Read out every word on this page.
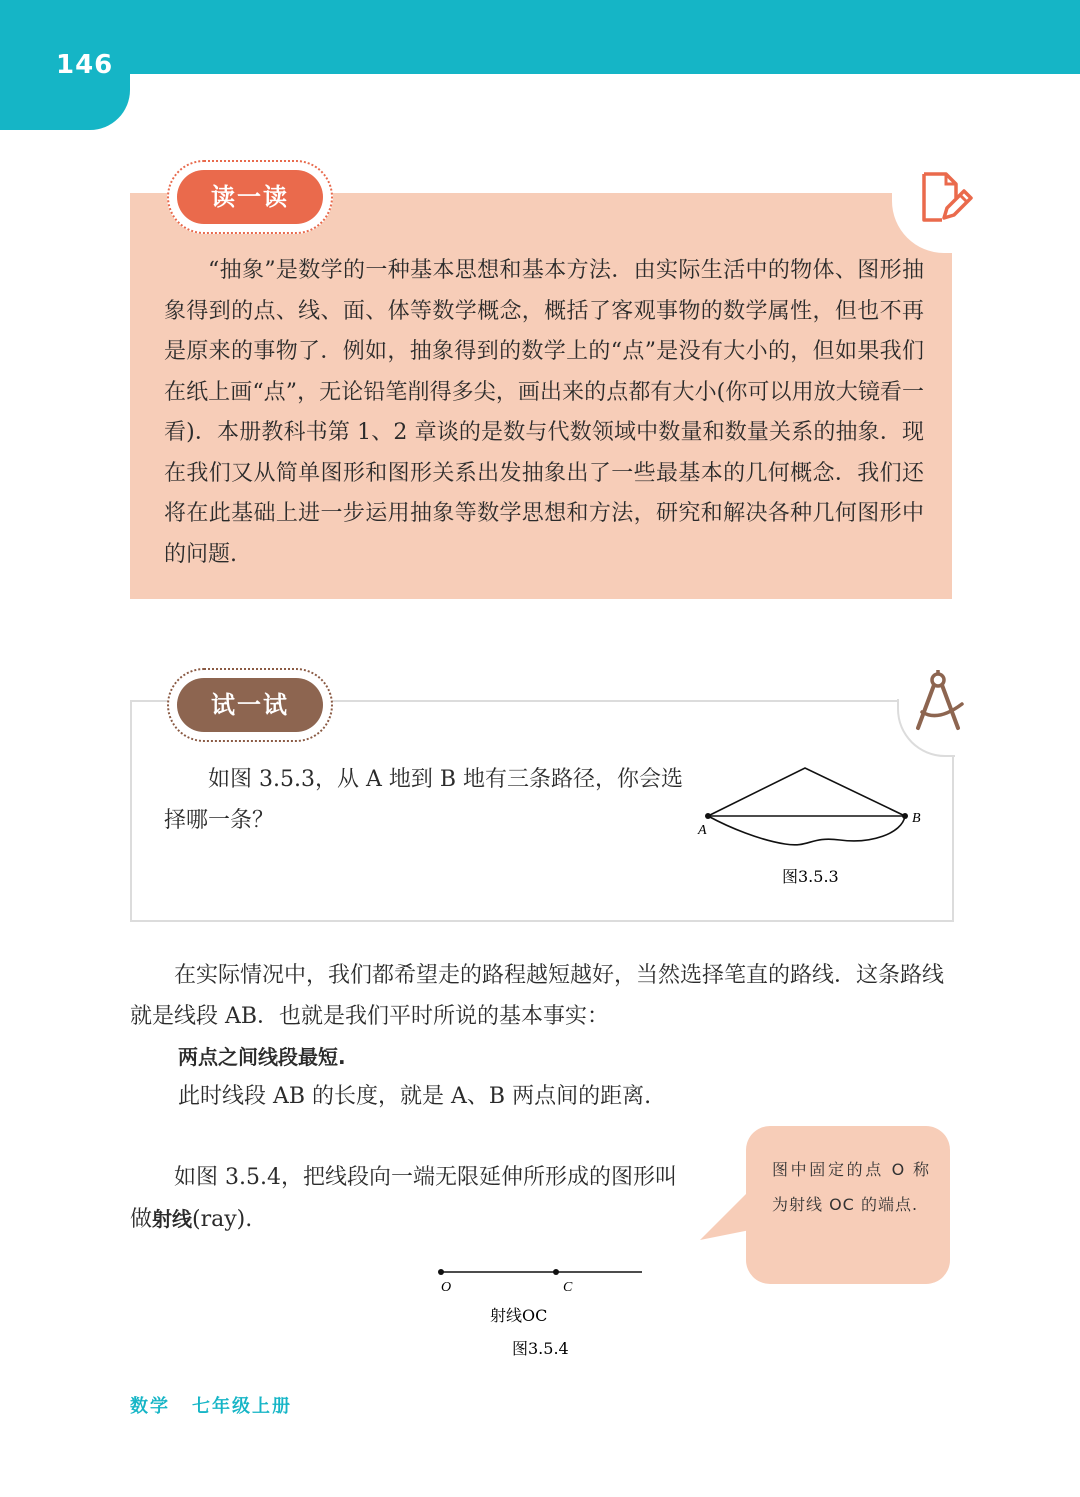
146
读一读
“抽象”是数学的一种基本思想和基本方法．由实际生活中的物体、图形抽象得到的点、线、面、体等数学概念，概括了客观事物的数学属性，但也不再是原来的事物了．例如，抽象得到的数学上的“点”是没有大小的，但如果我们在纸上画“点”，无论铅笔削得多尖，画出来的点都有大小(你可以用放大镜看一看)．本册教科书第 1、2 章谈的是数与代数领域中数量和数量关系的抽象．现在我们又从简单图形和图形关系出发抽象出了一些最基本的几何概念．我们还将在此基础上进一步运用抽象等数学思想和方法，研究和解决各种几何图形中的问题.
试一试
如图 3.5.3，从 A 地到 B 地有三条路径，你会选择哪一条？	A
B
图3.5.3
在实际情况中，我们都希望走的路程越短越好，当然选择笔直的路线．这条路线就是线段 AB．也就是我们平时所说的基本事实：
两点之间线段最短.
此时线段 AB 的长度，就是 A、B 两点间的距离.
如图 3.5.4，把线段向一端无限延伸所形成的图形叫做射线(ray).
图中固定的点 O 称为射线 OC 的端点.
O	C
射线OC
图3.5.4
数学 七年级上册
